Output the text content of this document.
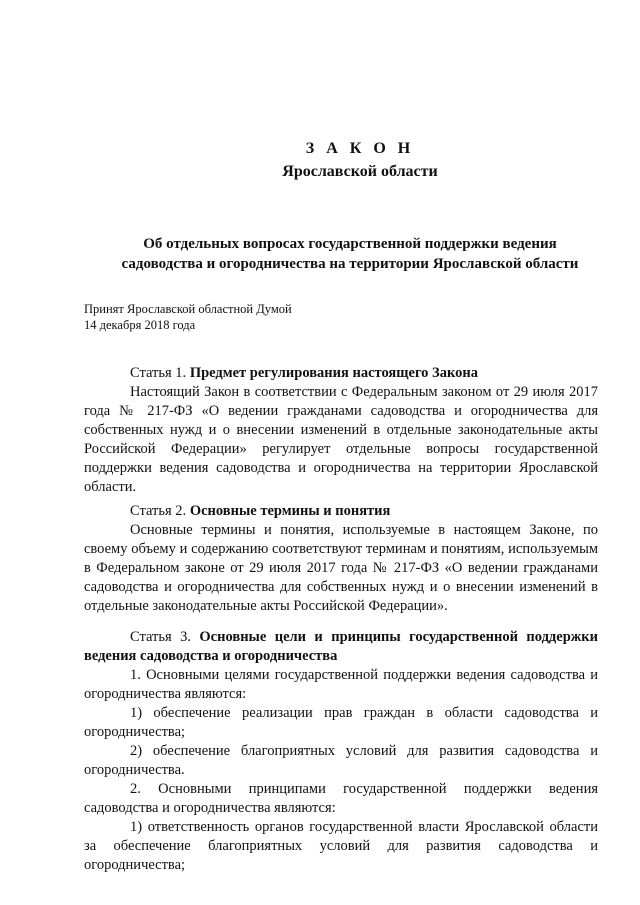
З А К О Н
Ярославской области
Об отдельных вопросах государственной поддержки ведения
садоводства и огородничества на территории Ярославской области
Принят Ярославской областной Думой
14 декабря 2018 года

Статья 1. Предмет регулирования настоящего Закона

Настоящий Закон в соответствии с Федеральным законом от 29 июля 2017 года № 217-ФЗ «О ведении гражданами садоводства и огородничества для собственных нужд и о внесении изменений в отдельные законодательные акты Российской Федерации» регулирует отдельные вопросы государственной поддержки ведения садоводства и огородничества на территории Ярославской области.

Статья 2. Основные термины и понятия

Основные термины и понятия, используемые в настоящем Законе, по своему объему и содержанию соответствуют терминам и понятиям, используемым в Федеральном законе от 29 июля 2017 года № 217-ФЗ «О ведении гражданами садоводства и огородничества для собственных нужд и о внесении изменений в отдельные законодательные акты Российской Федерации».

Статья 3. Основные цели и принципы государственной поддержки ведения садоводства и огородничества

1. Основными целями государственной поддержки ведения садоводства и огородничества являются:

1) обеспечение реализации прав граждан в области садоводства и огородничества;

2) обеспечение благоприятных условий для развития садоводства и огородничества.

2. Основными принципами государственной поддержки ведения садоводства и огородничества являются:

1) ответственность органов государственной власти Ярославской области за обеспечение благоприятных условий для развития садоводства и огородничества;
